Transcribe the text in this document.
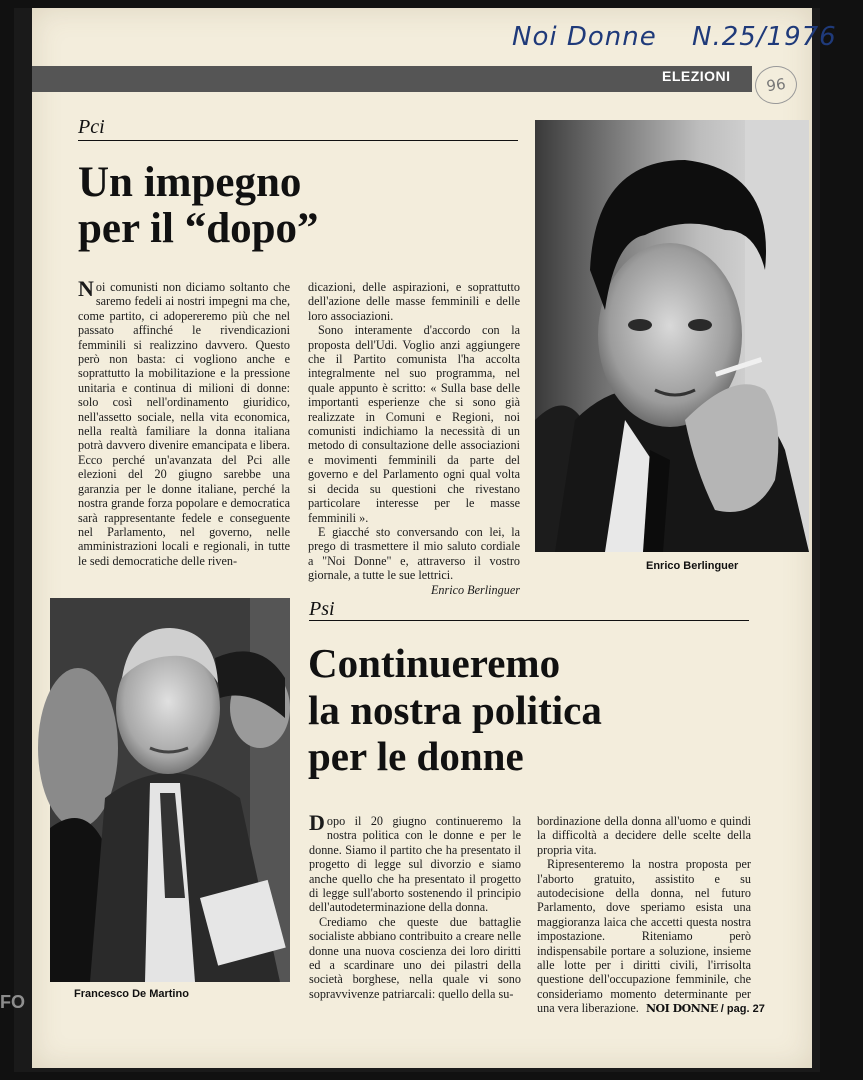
Noi Donne N.25/1976
ELEZIONI	96
Pci
Un impegno
per il “dopo”

Noi comunisti non diciamo soltanto che saremo fedeli ai nostri impegni ma che, come partito, ci adopereremo più che nel passato affinché le rivendicazioni femminili si realizzino davvero. Questo però non basta: ci vogliono anche e soprattutto la mobilitazione e la pressione unitaria e continua di milioni di donne: solo così nell'ordinamento giuridico, nell'assetto sociale, nella vita economica, nella realtà familiare la donna italiana potrà davvero divenire emancipata e libera. Ecco perché un'avanzata del Pci alle elezioni del 20 giugno sarebbe una garanzia per le donne italiane, perché la nostra grande forza popolare e democratica sarà rappresentante fedele e conseguente nel Parlamento, nel governo, nelle amministrazioni locali e regionali, in tutte le sedi democratiche delle riven-

dicazioni, delle aspirazioni, e soprattutto dell'azione delle masse femminili e delle loro associazioni.

Sono interamente d'accordo con la proposta dell'Udi. Voglio anzi aggiungere che il Partito comunista l'ha accolta integralmente nel suo programma, nel quale appunto è scritto: « Sulla base delle importanti esperienze che si sono già realizzate in Comuni e Regioni, noi comunisti indichiamo la necessità di un metodo di consultazione delle associazioni e movimenti femminili da parte del governo e del Parlamento ogni qual volta si decida su questioni che rivestano particolare interesse per le masse femminili ».

E giacché sto conversando con lei, la prego di trasmettere il mio saluto cordiale a "Noi Donne" e, attraverso il vostro giornale, a tutte le sue lettrici.

Enrico Berlinguer
Enrico Berlinguer
Francesco De Martino
Psi
Continueremo
la nostra politica
per le donne

Dopo il 20 giugno continueremo la nostra politica con le donne e per le donne. Siamo il partito che ha presentato il progetto di legge sul divorzio e siamo anche quello che ha presentato il progetto di legge sull'aborto sostenendo il principio dell'autodeterminazione della donna.

Crediamo che queste due battaglie socialiste abbiano contribuito a creare nelle donne una nuova coscienza dei loro diritti ed a scardinare uno dei pilastri della società borghese, nella quale vi sono sopravvivenze patriarcali: quello della su-

bordinazione della donna all'uomo e quindi la difficoltà a decidere delle scelte della propria vita.

Ripresenteremo la nostra proposta per l'aborto gratuito, assistito e su autodecisione della donna, nel futuro Parlamento, dove speriamo esista una maggioranza laica che accetti questa nostra impostazione. Riteniamo però indispensabile portare a soluzione, insieme alle lotte per i diritti civili, l'irrisolta questione dell'occupazione femminile, che consideriamo momento determinante per una vera liberazione. NOI DONNE / pag. 27
FO
